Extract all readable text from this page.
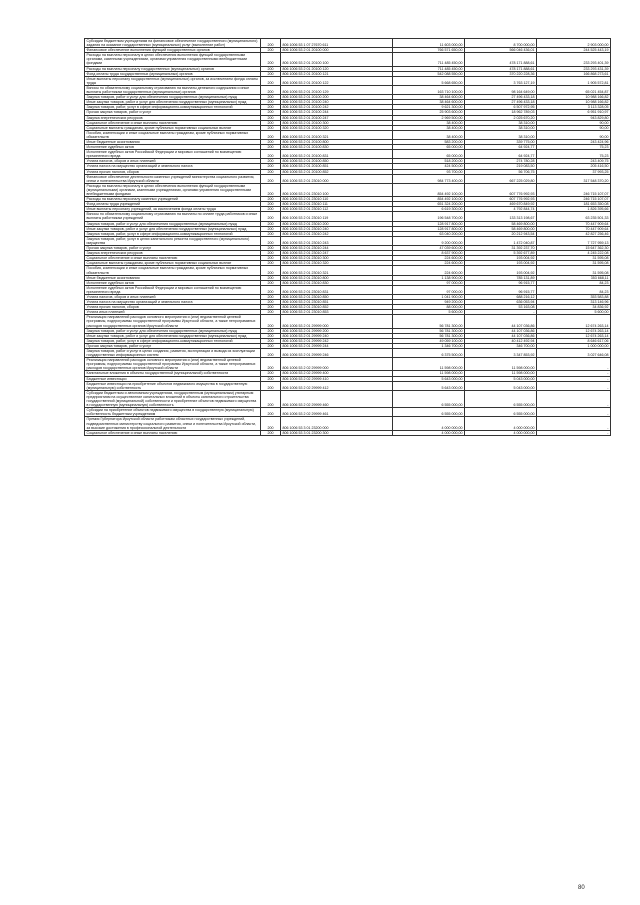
Субсидии бюджетным учреждениям на финансовое обеспечение государственного (муниципального) задания на оказание государственных (муниципальных) услуг (выполнение работ)	200	806 1006 53 1 07 27670 611	11 603 000,00	8 700 000,00	2 903 000,00
Финансовое обеспечение выполнения функций государственных органов	200	806 1006 53 2 01 20100 000	766 571 650,00	566 046 436,01	244 525 443,19
Расходы на выплаты персоналу в целях обеспечения выполнения функций государственными органами, казенными учреждениями, органами управления государственными внебюджетными фондами	200	806 1006 53 2 01 20100 100	711 485 450,00	478 171 888,61	233 293 401,39
Расходы на выплаты персоналу государственных (муниципальных) органов	200	806 1006 53 2 01 20100 120	711 485 450,00	478 171 888,61	233 293 431,39
Фонд оплаты труда государственных (муниципальных) органов	200	806 1006 53 2 01 20100 121	542 088 550,00	370 220 228,36	166 868 273,61
Иные выплаты персоналу государственных (муниципальных) органов, за исключением фонда оплаты труда	200	806 1006 53 2 01 20100 122	5 668 650,00	3 763 127,19	1 905 572,81
Взносы по обязательному социальному страхованию на выплаты денежного содержания и иные выплаты работникам государственных (муниципальных) органов	200	806 1006 53 2 01 20100 129	163 710 100,00	98 164 649,00	65 021 454,87
Закупка товаров, работ и услуг для обеспечения государственных (муниципальных) нужд	200	806 1006 53 2 01 20100 200	38 464 600,00	27 496 433,18	10 988 166,82
Иные закупки товаров, работ и услуг для обеспечения государственных (муниципальных) нужд	200	806 1006 53 2 01 20100 240	38 464 600,00	27 496 433,18	10 988 166,82
Закупка товаров, работ, услуг в сфере информационно-коммуникационных технологий	200	806 1006 53 2 01 20100 242	9 621 300,00	6 507 972,95	3 113 328,05
Прочая закупка товаров, работ и услуг	200	806 1006 53 2 01 20100 244	25 903 600,00	18 962 789,03	6 951 910,97
Закупка энергетических ресурсов	200	806 1006 53 2 01 20100 247	2 969 500,00	2 025 670,20	943 829,80
Социальное обеспечение и иные выплаты населению	200	806 1006 53 2 01 20100 300	38 400,00	38 310,00	90,00
Социальные выплаты гражданам, кроме публичных нормативных социальных выплат	200	806 1006 53 2 01 20100 320	38 400,00	38 310,00	90,00
Пособия, компенсации и иные социальные выплаты гражданам, кроме публичных нормативных обязательств	200	806 1006 53 2 01 20100 321	38 400,00	38 310,00	90,00
Иные бюджетные ассигнования	200	806 1006 53 2 01 20100 800	583 200,00	339 775,00	243 424,96
Исполнение судебных актов	200	806 1006 53 2 01 20100 830	65 000,00	64 924,77	75,23
Исполнение судебных актов Российской Федерации и мировых соглашений по возмещению причиненного вреда	200	806 1006 53 2 01 20100 831	65 000,00	64 924,77	75,23
Уплата налогов, сборов и иных платежей	200	806 1006 53 2 01 20100 850	518 200,00	274 780,28	243 409,75
Уплата налога на имущество организаций и земельного налога	200	806 1006 53 2 01 20100 851	424 500,00	219 083,50	205 416,50
Уплата прочих налогов, сборов	200	806 1006 53 2 01 20100 852	93 700,00	56 706,75	37 993,25
Финансовое обеспечение деятельности казенных учреждений министерства социального развития, опеки и попечительства Иркутской области	200	806 1006 53 2 01 23010 000	984 773 400,00	667 225 029,80	317 548 370,20
Расходы на выплаты персоналу в целях обеспечения выполнения функций государственными (муниципальными) органами, казенными учреждениями, органами управления государственными внебюджетными фондами	200	806 1006 53 2 01 23010 100	854 492 100,00	607 776 992,93	246 715 107,07
Расходы на выплаты персоналу казенных учреждений	200	806 1006 53 2 01 23010 110	854 492 100,00	607 776 992,93	246 715 107,07
Фонд оплаты труда учреждений	200	806 1006 53 2 01 23010 111	651 324 200,00	469 670 849,92	181 653 350,08
Иные выплаты персоналу учреждений, за исключением фонда оплаты труда	200	806 1006 53 2 01 23010 112	6 619 300,00	4 792 844,74	1 826 395,66
Взносы по обязательному социальному страхованию на выплаты по оплате труда работников и иные выплаты работникам учреждений	200	806 1006 53 2 01 23010 119	196 548 700,00	133 313 198,67	63 235 501,33
Закупка товаров, работ и услуг для обеспечения государственных (муниципальных) нужд	200	806 1006 53 2 01 23010 200	128 917 800,00	58 469 800,00	70 447 909,64
Иные закупки товаров, работ и услуг для обеспечения государственных (муниципальных) нужд	200	806 1006 53 2 01 23010 240	128 917 800,00	58 469 800,00	70 447 909,64
Закупка товаров, работ, услуг в сфере информационно-коммуникационных технологий	200	806 1006 53 2 01 23010 242	63 040 200,00	20 212 943,54	42 827 256,46
Закупка товаров, работ, услуг в целях капитального ремонта государственного (муниципального) имущества	200	806 1006 53 2 01 23010 243	9 200 000,00	1 472 040,87	7 727 959,13
Прочая закупка товаров, работ и услуг	200	806 1006 53 2 01 23010 244	47 039 600,00	31 392 237,70	15 647 362,30
Закупка энергетических ресурсов	200	806 1006 53 2 01 23010 247	8 637 900,00	5 392 677,89	4 245 222,08
Социальное обеспечение и иные выплаты населению	200	806 1006 53 2 01 23010 300	224 600,00	193 004,92	31 595,08
Социальные выплаты гражданам, кроме публичных нормативных социальных выплат	200	806 1006 53 2 01 23010 320	224 600,00	193 004,92	31 595,08
Пособия, компенсации и иные социальные выплаты гражданам, кроме публичных нормативных обязательств	200	806 1006 53 2 01 23010 321	224 600,00	193 004,92	31 595,08
Иные бюджетные ассигнования	200	806 1006 53 2 01 23010 800	1 138 900,00	785 131,89	353 668,11
Исполнение судебных актов	200	806 1006 53 2 01 23010 830	97 000,00	96 915,77	84,23
Исполнение судебных актов Российской Федерации и мировых соглашений по возмещению причиненного вреда	200	806 1006 53 2 01 23010 831	97 000,00	96 915,77	84,23
Уплата налогов, сборов и иных платежей	200	806 1006 53 2 01 23010 850	1 041 900,00	688 216,12	353 583,88
Уплата налога на имущество организаций и земельного налога	200	806 1006 53 2 01 23010 851	949 200,00	636 053,94	313 146,96
Уплата прочих налогов, сборов	200	806 1006 53 2 01 23010 852	88 000,00	53 163,08	34 836,92
Уплата иных платежей	200	806 1006 53 2 01 23010 853	5 600,00	-	5 600,00
Реализация направлений расходов основного мероприятия и (или) ведомственной целевой программы, подпрограммы государственной программы Иркутской области, а также непрограммных расходов государственных органов Иркутской области	200	806 1006 53 2 01 29999 000	56 781 300,00	44 107 036,86	12 674 263,14
Закупка товаров, работ и услуг для обеспечения государственных (муниципальных) нужд	200	806 1006 53 2 01 29999 200	56 781 300,00	44 107 036,86	12 674 263,14
Иные закупки товаров, работ и услуг для обеспечения государственных (муниципальных) нужд	200	806 1006 53 2 01 29999 240	56 781 300,00	44 107 036,86	12 674 263,14
Закупка товаров, работ, услуг в сфере информационно-коммуникационных технологий	200	806 1006 53 2 01 29999 242	49 059 100,00	40 412 492,94	8 646 617,06
Прочая закупка товаров, работ и услуг	200	806 1006 53 2 01 29999 244	1 346 700,00	346 700,00	1 000 000,00
Закупка товаров, работ и услуг в целях создания, развития, эксплуатации и вывода из эксплуатации государственных информационных систем	200	806 1006 53 2 01 29999 246	6 375 500,00	3 347 853,92	3 027 646,08
Реализация направлений расходов основного мероприятия и (или) ведомственной целевой программы, подпрограммы государственной программы Иркутской области, а также непрограммных расходов государственных органов Иркутской области	200	806 1006 53 2 02 29999 000	11 598 000,00	11 598 000,00	-
Капитальные вложения в объекты государственной (муниципальной) собственности	200	806 1006 53 2 02 29999 400	11 598 000,00	11 598 000,00	-
Бюджетные инвестиции	200	806 1006 53 2 02 29999 410	5 643 000,00	5 043 000,00	-
Бюджетные инвестиции на приобретение объектов недвижимого имущества в государственную (муниципальную) собственность	200	806 1006 53 2 02 29999 412	5 643 000,00	5 043 000,00	-
Субсидии бюджетным и автономным учреждениям, государственным (муниципальным) унитарным предприятиям на осуществление капитальных вложений в объекты капитального строительства государственной (муниципальной) собственности и приобретение объектов недвижимого имущества в государственную (муниципальную) собственность	200	806 1006 53 2 02 29999 460	6 555 000,00	6 555 000,00	-
Субсидии на приобретение объектов недвижимого имущества в государственную (муниципальную) собственность бюджетным учреждениям	200	806 1006 53 2 02 29999 461	6 555 000,00	6 555 000,00	-
Премия Губернатора Иркутской области работникам областных государственных учреждений, подведомственных министерству социального развития, опеки и попечительства Иркутской области, за высокие достижения в профессиональной деятельности	200	806 1006 53 3 01 23200 000	4 000 000,00	4 000 000,00	-
Социальное обеспечение и иные выплаты населению	200	806 1006 53 3 01 23200 300	4 000 000,00	4 000 000,00	-
80
